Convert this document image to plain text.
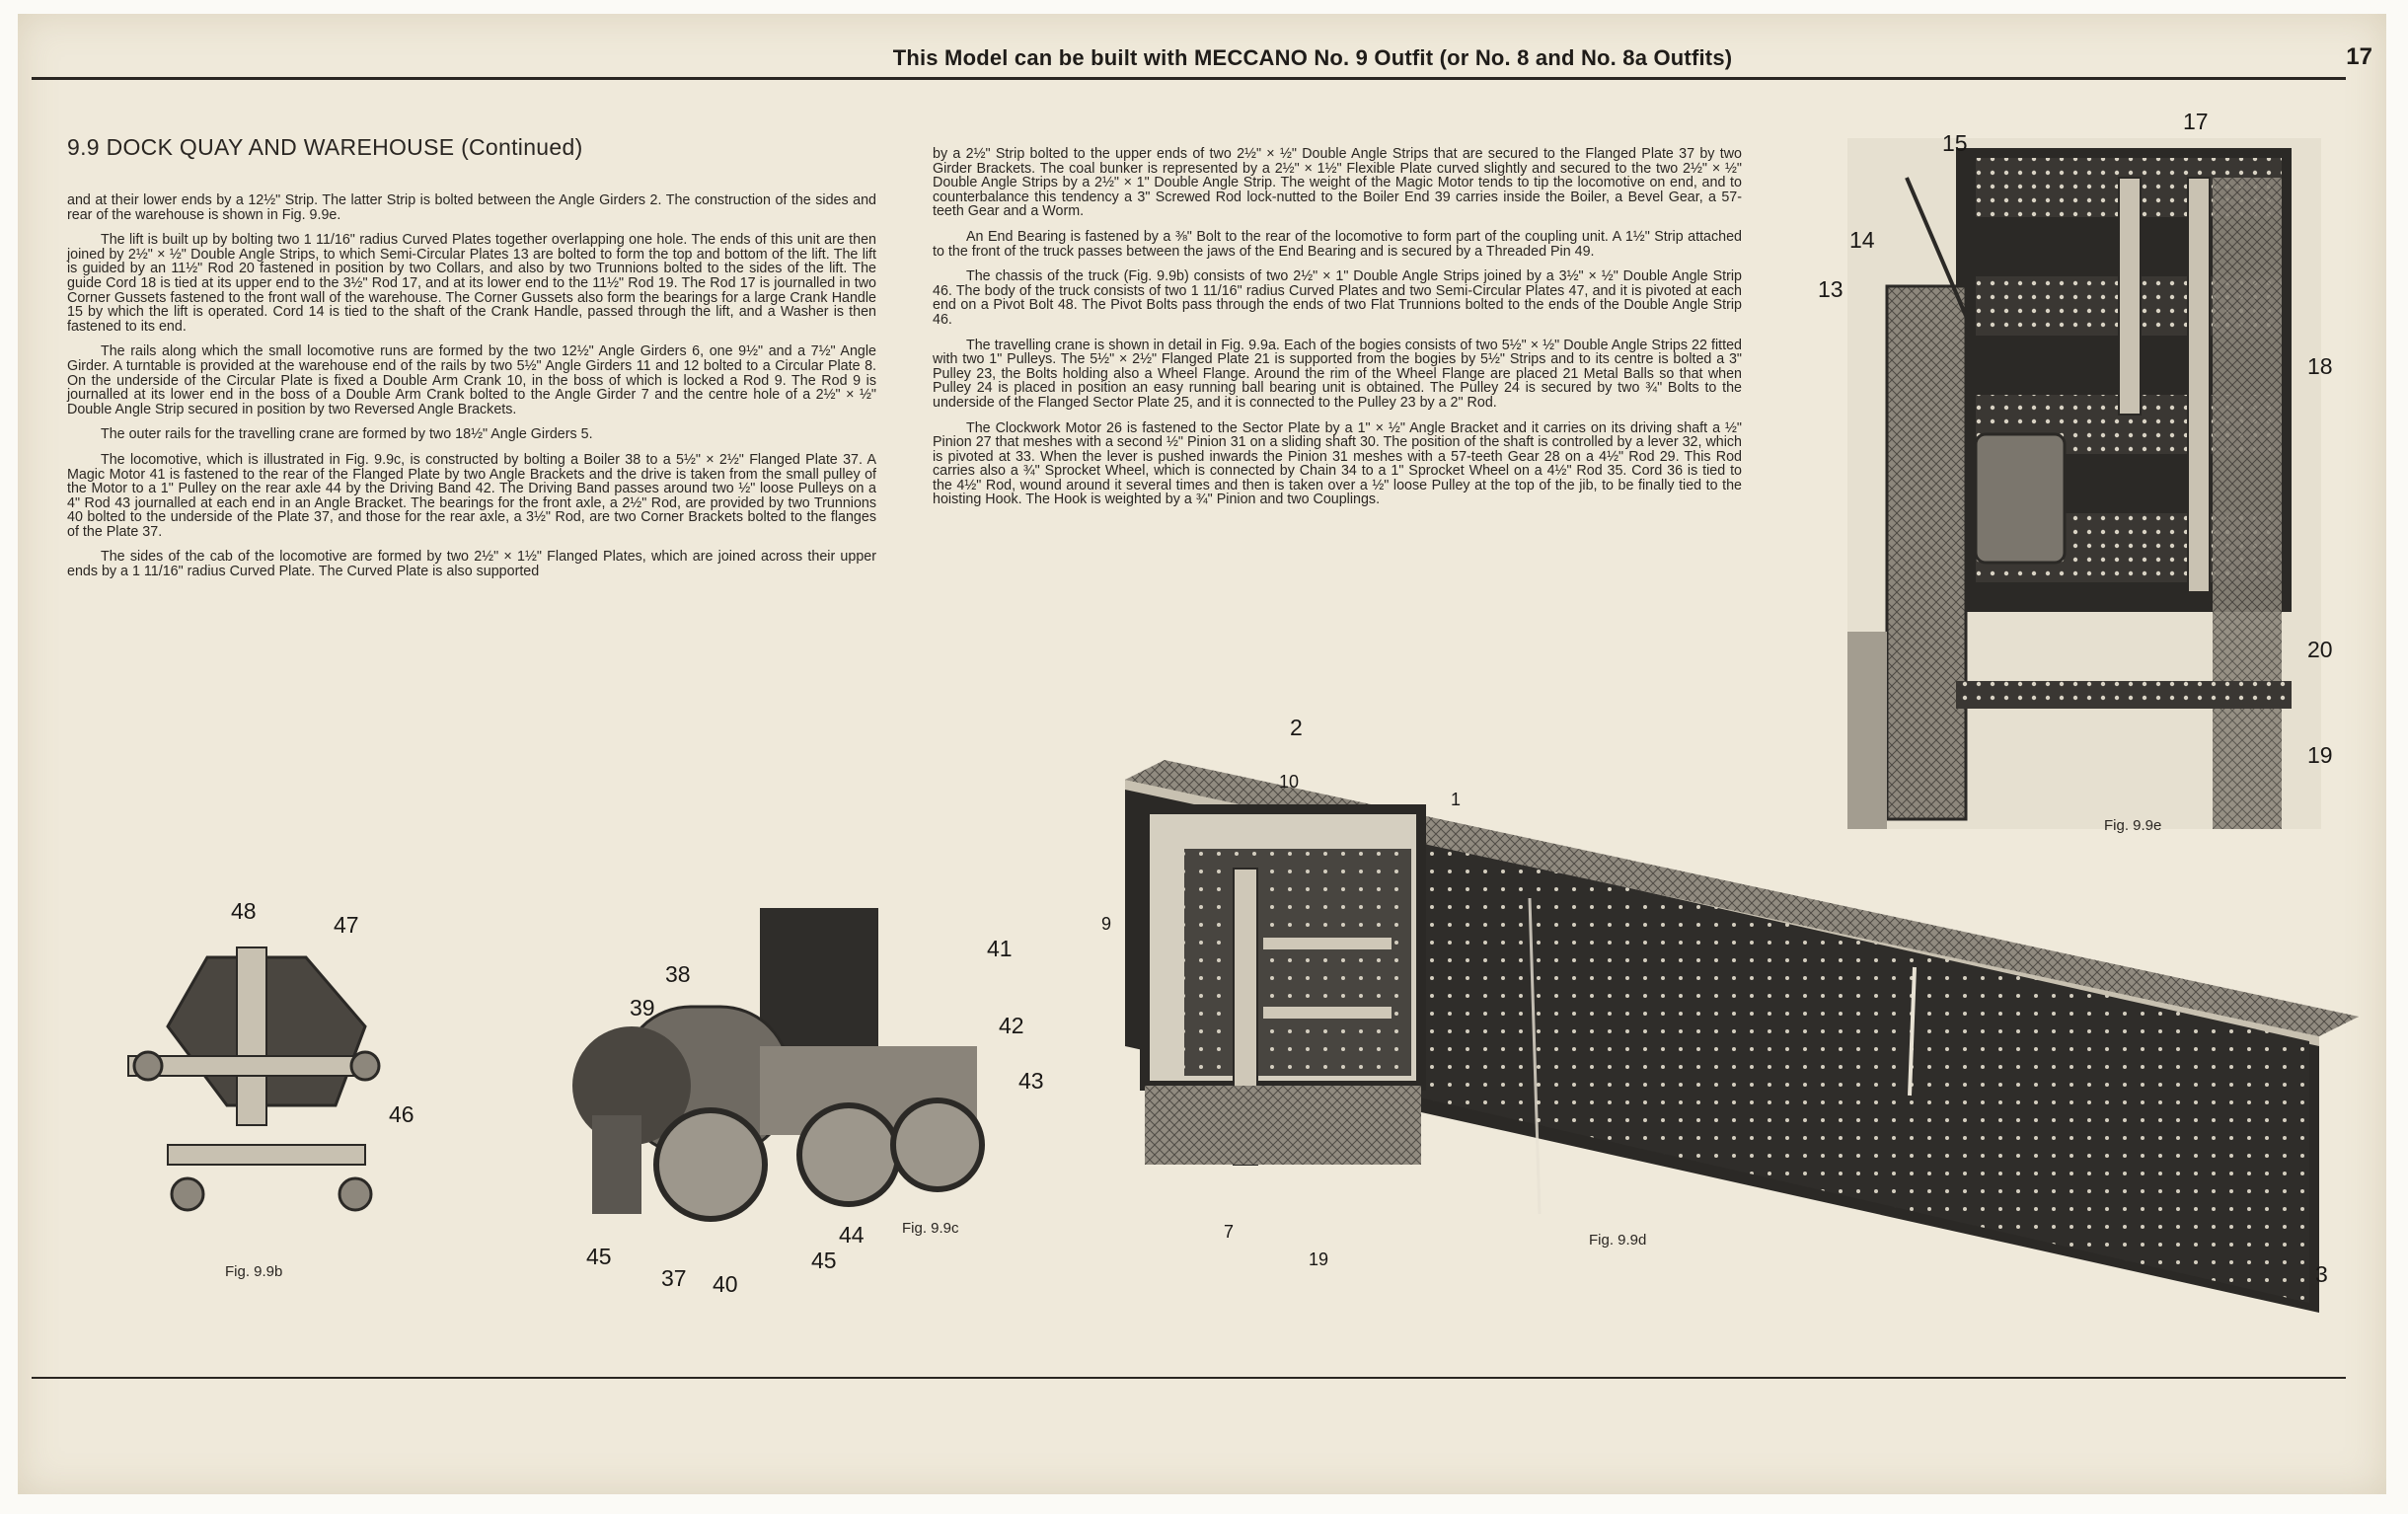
This Model can be built with MECCANO No. 9 Outfit (or No. 8 and No. 8a Outfits)	17
9.9 DOCK QUAY AND WAREHOUSE (Continued)

and at their lower ends by a 12½" Strip. The latter Strip is bolted between the Angle Girders 2. The construction of the sides and rear of the warehouse is shown in Fig. 9.9e.

The lift is built up by bolting two 1 11/16" radius Curved Plates together overlapping one hole. The ends of this unit are then joined by 2½" × ½" Double Angle Strips, to which Semi-Circular Plates 13 are bolted to form the top and bottom of the lift. The lift is guided by an 11½" Rod 20 fastened in position by two Collars, and also by two Trunnions bolted to the sides of the lift. The guide Cord 18 is tied at its upper end to the 3½" Rod 17, and at its lower end to the 11½" Rod 19. The Rod 17 is journalled in two Corner Gussets fastened to the front wall of the warehouse. The Corner Gussets also form the bearings for a large Crank Handle 15 by which the lift is operated. Cord 14 is tied to the shaft of the Crank Handle, passed through the lift, and a Washer is then fastened to its end.

The rails along which the small locomotive runs are formed by the two 12½" Angle Girders 6, one 9½" and a 7½" Angle Girder. A turntable is provided at the warehouse end of the rails by two 5½" Angle Girders 11 and 12 bolted to a Circular Plate 8. On the underside of the Circular Plate is fixed a Double Arm Crank 10, in the boss of which is locked a Rod 9. The Rod 9 is journalled at its lower end in the boss of a Double Arm Crank bolted to the Angle Girder 7 and the centre hole of a 2½" × ½" Double Angle Strip secured in position by two Reversed Angle Brackets.

The outer rails for the travelling crane are formed by two 18½" Angle Girders 5.

The locomotive, which is illustrated in Fig. 9.9c, is constructed by bolting a Boiler 38 to a 5½" × 2½" Flanged Plate 37. A Magic Motor 41 is fastened to the rear of the Flanged Plate by two Angle Brackets and the drive is taken from the small pulley of the Motor to a 1" Pulley on the rear axle 44 by the Driving Band 42. The Driving Band passes around two ½" loose Pulleys on a 4" Rod 43 journalled at each end in an Angle Bracket. The bearings for the front axle, a 2½" Rod, are provided by two Trunnions 40 bolted to the underside of the Plate 37, and those for the rear axle, a 3½" Rod, are two Corner Brackets bolted to the flanges of the Plate 37.

The sides of the cab of the locomotive are formed by two 2½" × 1½" Flanged Plates, which are joined across their upper ends by a 1 11/16" radius Curved Plate. The Curved Plate is also supported

by a 2½" Strip bolted to the upper ends of two 2½" × ½" Double Angle Strips that are secured to the Flanged Plate 37 by two Girder Brackets. The coal bunker is represented by a 2½" × 1½" Flexible Plate curved slightly and secured to the two 2½" × ½" Double Angle Strips by a 2½" × 1" Double Angle Strip. The weight of the Magic Motor tends to tip the locomotive on end, and to counterbalance this tendency a 3" Screwed Rod lock-nutted to the Boiler End 39 carries inside the Boiler, a Bevel Gear, a 57-teeth Gear and a Worm.

An End Bearing is fastened by a ⅜" Bolt to the rear of the locomotive to form part of the coupling unit. A 1½" Strip attached to the front of the truck passes between the jaws of the End Bearing and is secured by a Threaded Pin 49.

The chassis of the truck (Fig. 9.9b) consists of two 2½" × 1" Double Angle Strips joined by a 3½" × ½" Double Angle Strip 46. The body of the truck consists of two 1 11/16" radius Curved Plates and two Semi-Circular Plates 47, and it is pivoted at each end on a Pivot Bolt 48. The Pivot Bolts pass through the ends of two Flat Trunnions bolted to the ends of the Double Angle Strip 46.

The travelling crane is shown in detail in Fig. 9.9a. Each of the bogies consists of two 5½" × ½" Double Angle Strips 22 fitted with two 1" Pulleys. The 5½" × 2½" Flanged Plate 21 is supported from the bogies by 5½" Strips and to its centre is bolted a 3" Pulley 23, the Bolts holding also a Wheel Flange. Around the rim of the Wheel Flange are placed 21 Metal Balls so that when Pulley 24 is placed in position an easy running ball bearing unit is obtained. The Pulley 24 is secured by two ¾" Bolts to the underside of the Flanged Sector Plate 25, and it is connected to the Pulley 23 by a 2" Rod.

The Clockwork Motor 26 is fastened to the Sector Plate by a 1" × ½" Angle Bracket and it carries on its driving shaft a ½" Pinion 27 that meshes with a second ½" Pinion 31 on a sliding shaft 30. The position of the shaft is controlled by a lever 32, which is pivoted at 33. When the lever is pushed inwards the Pinion 31 meshes with a 57-teeth Gear 28 on a 4½" Rod 29. This Rod carries also a ¾" Sprocket Wheel, which is connected by Chain 34 to a 1" Sprocket Wheel on a 4½" Rod 35. Cord 36 is tied to the 4½" Rod, wound around it several times and then is taken over a ½" loose Pulley at the top of the jib, to be finally tied to the hoisting Hook. The Hook is weighted by a ¾" Pinion and two Couplings.

15
17
14
13
18
20
19
Fig. 9.9e
2
10
1
9
7
19
3
Fig. 9.9d
38
39
41
42
43
44
45
37 40
45
Fig. 9.9c
48
47
46
Fig. 9.9b
